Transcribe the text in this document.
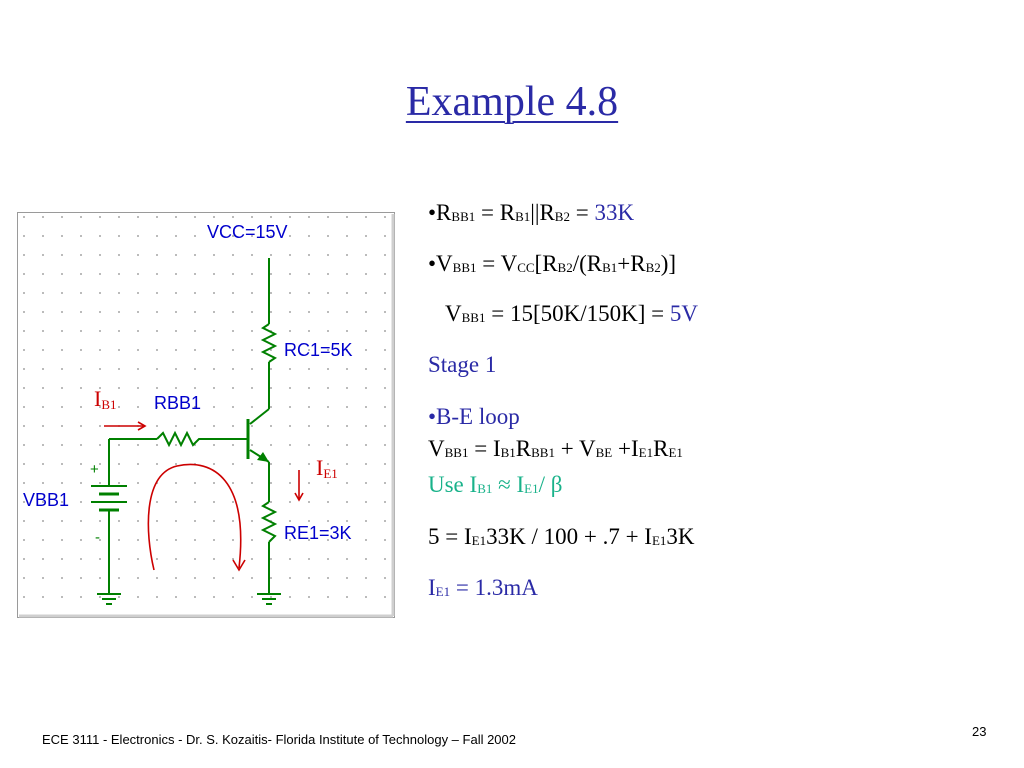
Example 4.8
VCC=15V
RC1=5K
RBB1
VBB1
RE1=3K
+
-
$I_{B1}$
$I_{E1}$
$•R_{BB1} = R_{B1}||R_{B2} = 33K$
$•V_{BB1} = V_{CC}[R_{B2}/(R_{B1}+R_{B2})]$
$V_{BB1} = 15[50K/150K] = 5V$
Stage 1
•B-E loop
$V_{BB1} = I_{B1}R_{BB1} + V_{BE} +I_{E1}R_{E1}$
Use $I_{B1} \approx I_{E1}/$ β
$5 = I_{E1}33K / 100 + .7 + I_{E1}3K$
$I_{E1} = 1.3mA$
ECE 3111 - Electronics - Dr. S. Kozaitis- Florida Institute of Technology – Fall 2002
23
